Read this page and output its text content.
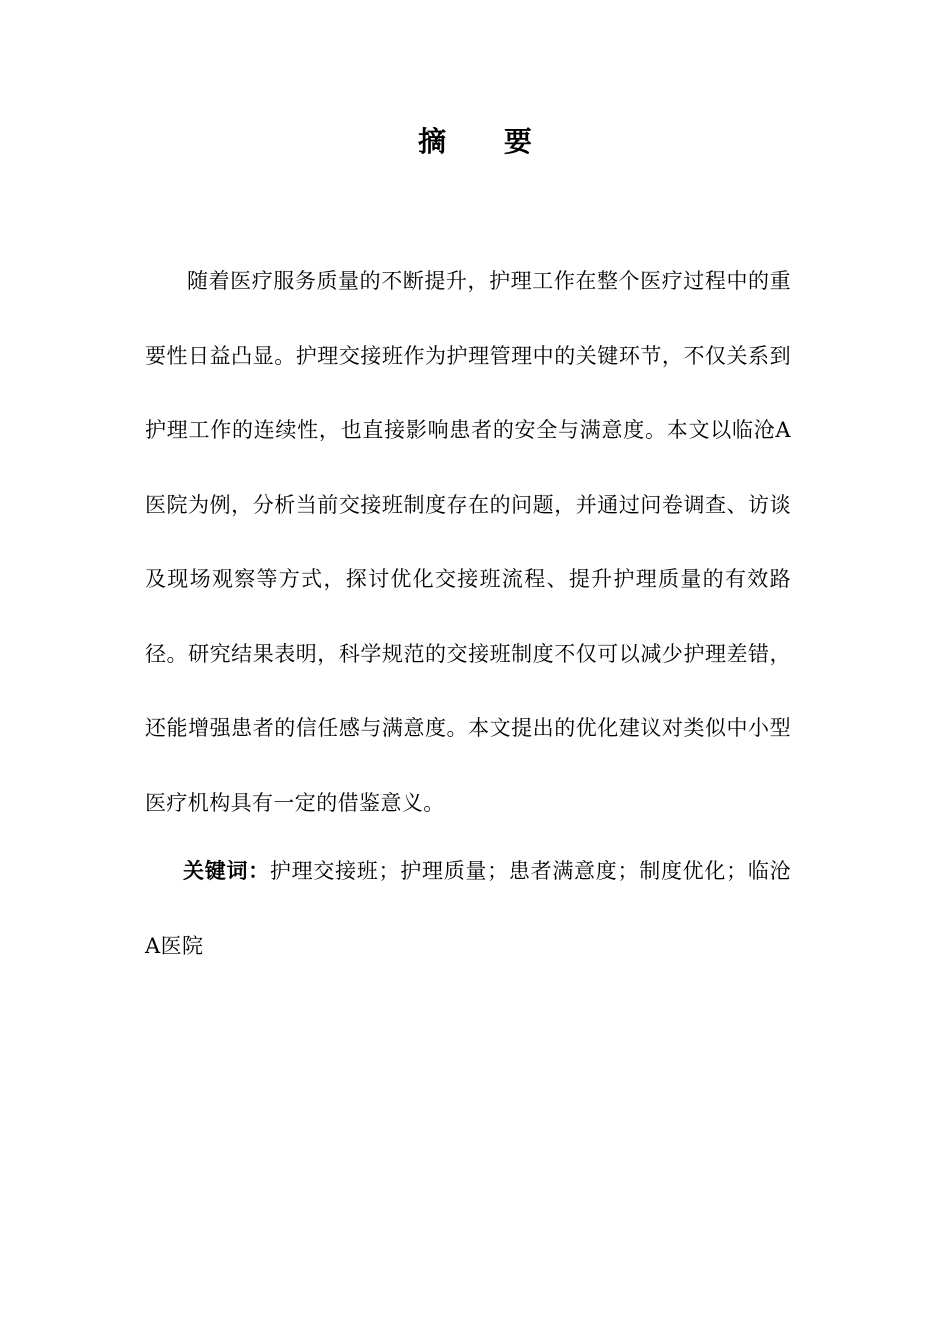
摘 要

随着医疗服务质量的不断提升，护理工作在整个医疗过程中的重要性日益凸显。护理交接班作为护理管理中的关键环节，不仅关系到护理工作的连续性，也直接影响患者的安全与满意度。本文以临沧A医院为例，分析当前交接班制度存在的问题，并通过问卷调查、访谈及现场观察等方式，探讨优化交接班流程、提升护理质量的有效路径。研究结果表明，科学规范的交接班制度不仅可以减少护理差错，还能增强患者的信任感与满意度。本文提出的优化建议对类似中小型医疗机构具有一定的借鉴意义。

关键词：护理交接班；护理质量；患者满意度；制度优化；临沧A医院
